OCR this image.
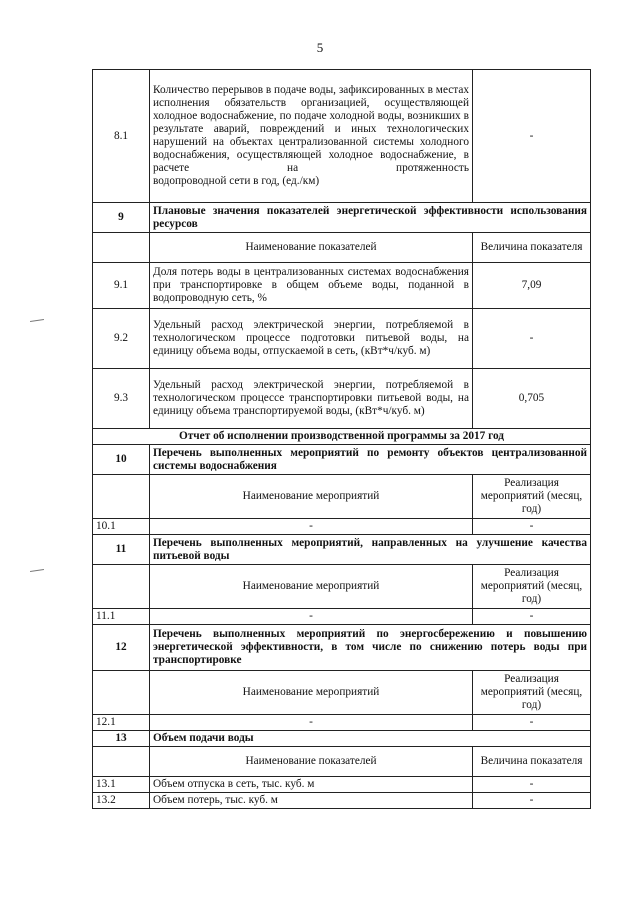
5
8.1	Количество перерывов в подаче воды, зафиксированных в местах исполнения обязательств организацией, осуществляющей холодное водоснабжение, по подаче холодной воды, возникших в результате аварий, повреждений и иных технологических нарушений на объектах централизованной системы холодного водоснабжения, осуществляющей холодное водоснабжение, в расчете на протяженность
водопроводной сети в год, (ед./км)	-
9	Плановые значения показателей энергетической эффективности использования ресурсов	
	Наименование показателей	Величина показателя
9.1	Доля потерь воды в централизованных системах водоснабжения при транспортировке в общем объеме воды, поданной в водопроводную сеть, %	7,09
9.2	Удельный расход электрической энергии, потребляемой в технологическом процессе подготовки питьевой воды, на единицу объема воды, отпускаемой в сеть, (кВт*ч/куб. м)	-
9.3	Удельный расход электрической энергии, потребляемой в технологическом процессе транспортировки питьевой воды, на единицу объема транспортируемой воды, (кВт*ч/куб. м)	0,705
Отчет об исполнении производственной программы за 2017 год		
10	Перечень выполненных мероприятий по ремонту объектов централизованной системы водоснабжения	
	Наименование мероприятий	Реализация мероприятий (месяц, год)
10.1	-	-
11	Перечень выполненных мероприятий, направленных на улучшение качества питьевой воды	
	Наименование мероприятий	Реализация мероприятий (месяц, год)
11.1	-	-
12	Перечень выполненных мероприятий по энергосбережению и повышению энергетической эффективности, в том числе по снижению потерь воды при транспортировке	
	Наименование мероприятий	Реализация мероприятий (месяц, год)
12.1	-	-
13	Объем подачи воды	
	Наименование показателей	Величина показателя
13.1	Объем отпуска в сеть, тыс. куб. м	-
13.2	Объем потерь, тыс. куб. м	-
